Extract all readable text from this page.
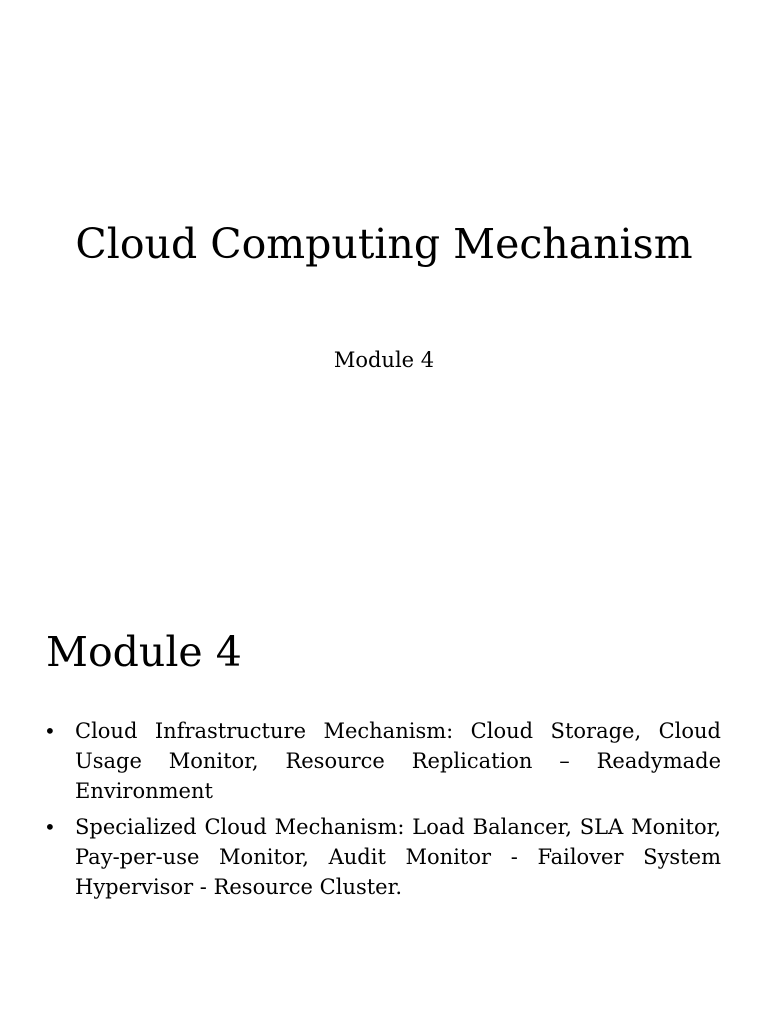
Cloud Computing Mechanism
Module 4
Module 4
• Cloud Infrastructure Mechanism: Cloud Storage, Cloud Usage Monitor, Resource Replication – Readymade Environment
• Specialized Cloud Mechanism: Load Balancer, SLA Monitor, Pay-per-use Monitor, Audit Monitor - Failover System    Hypervisor - Resource Cluster.
